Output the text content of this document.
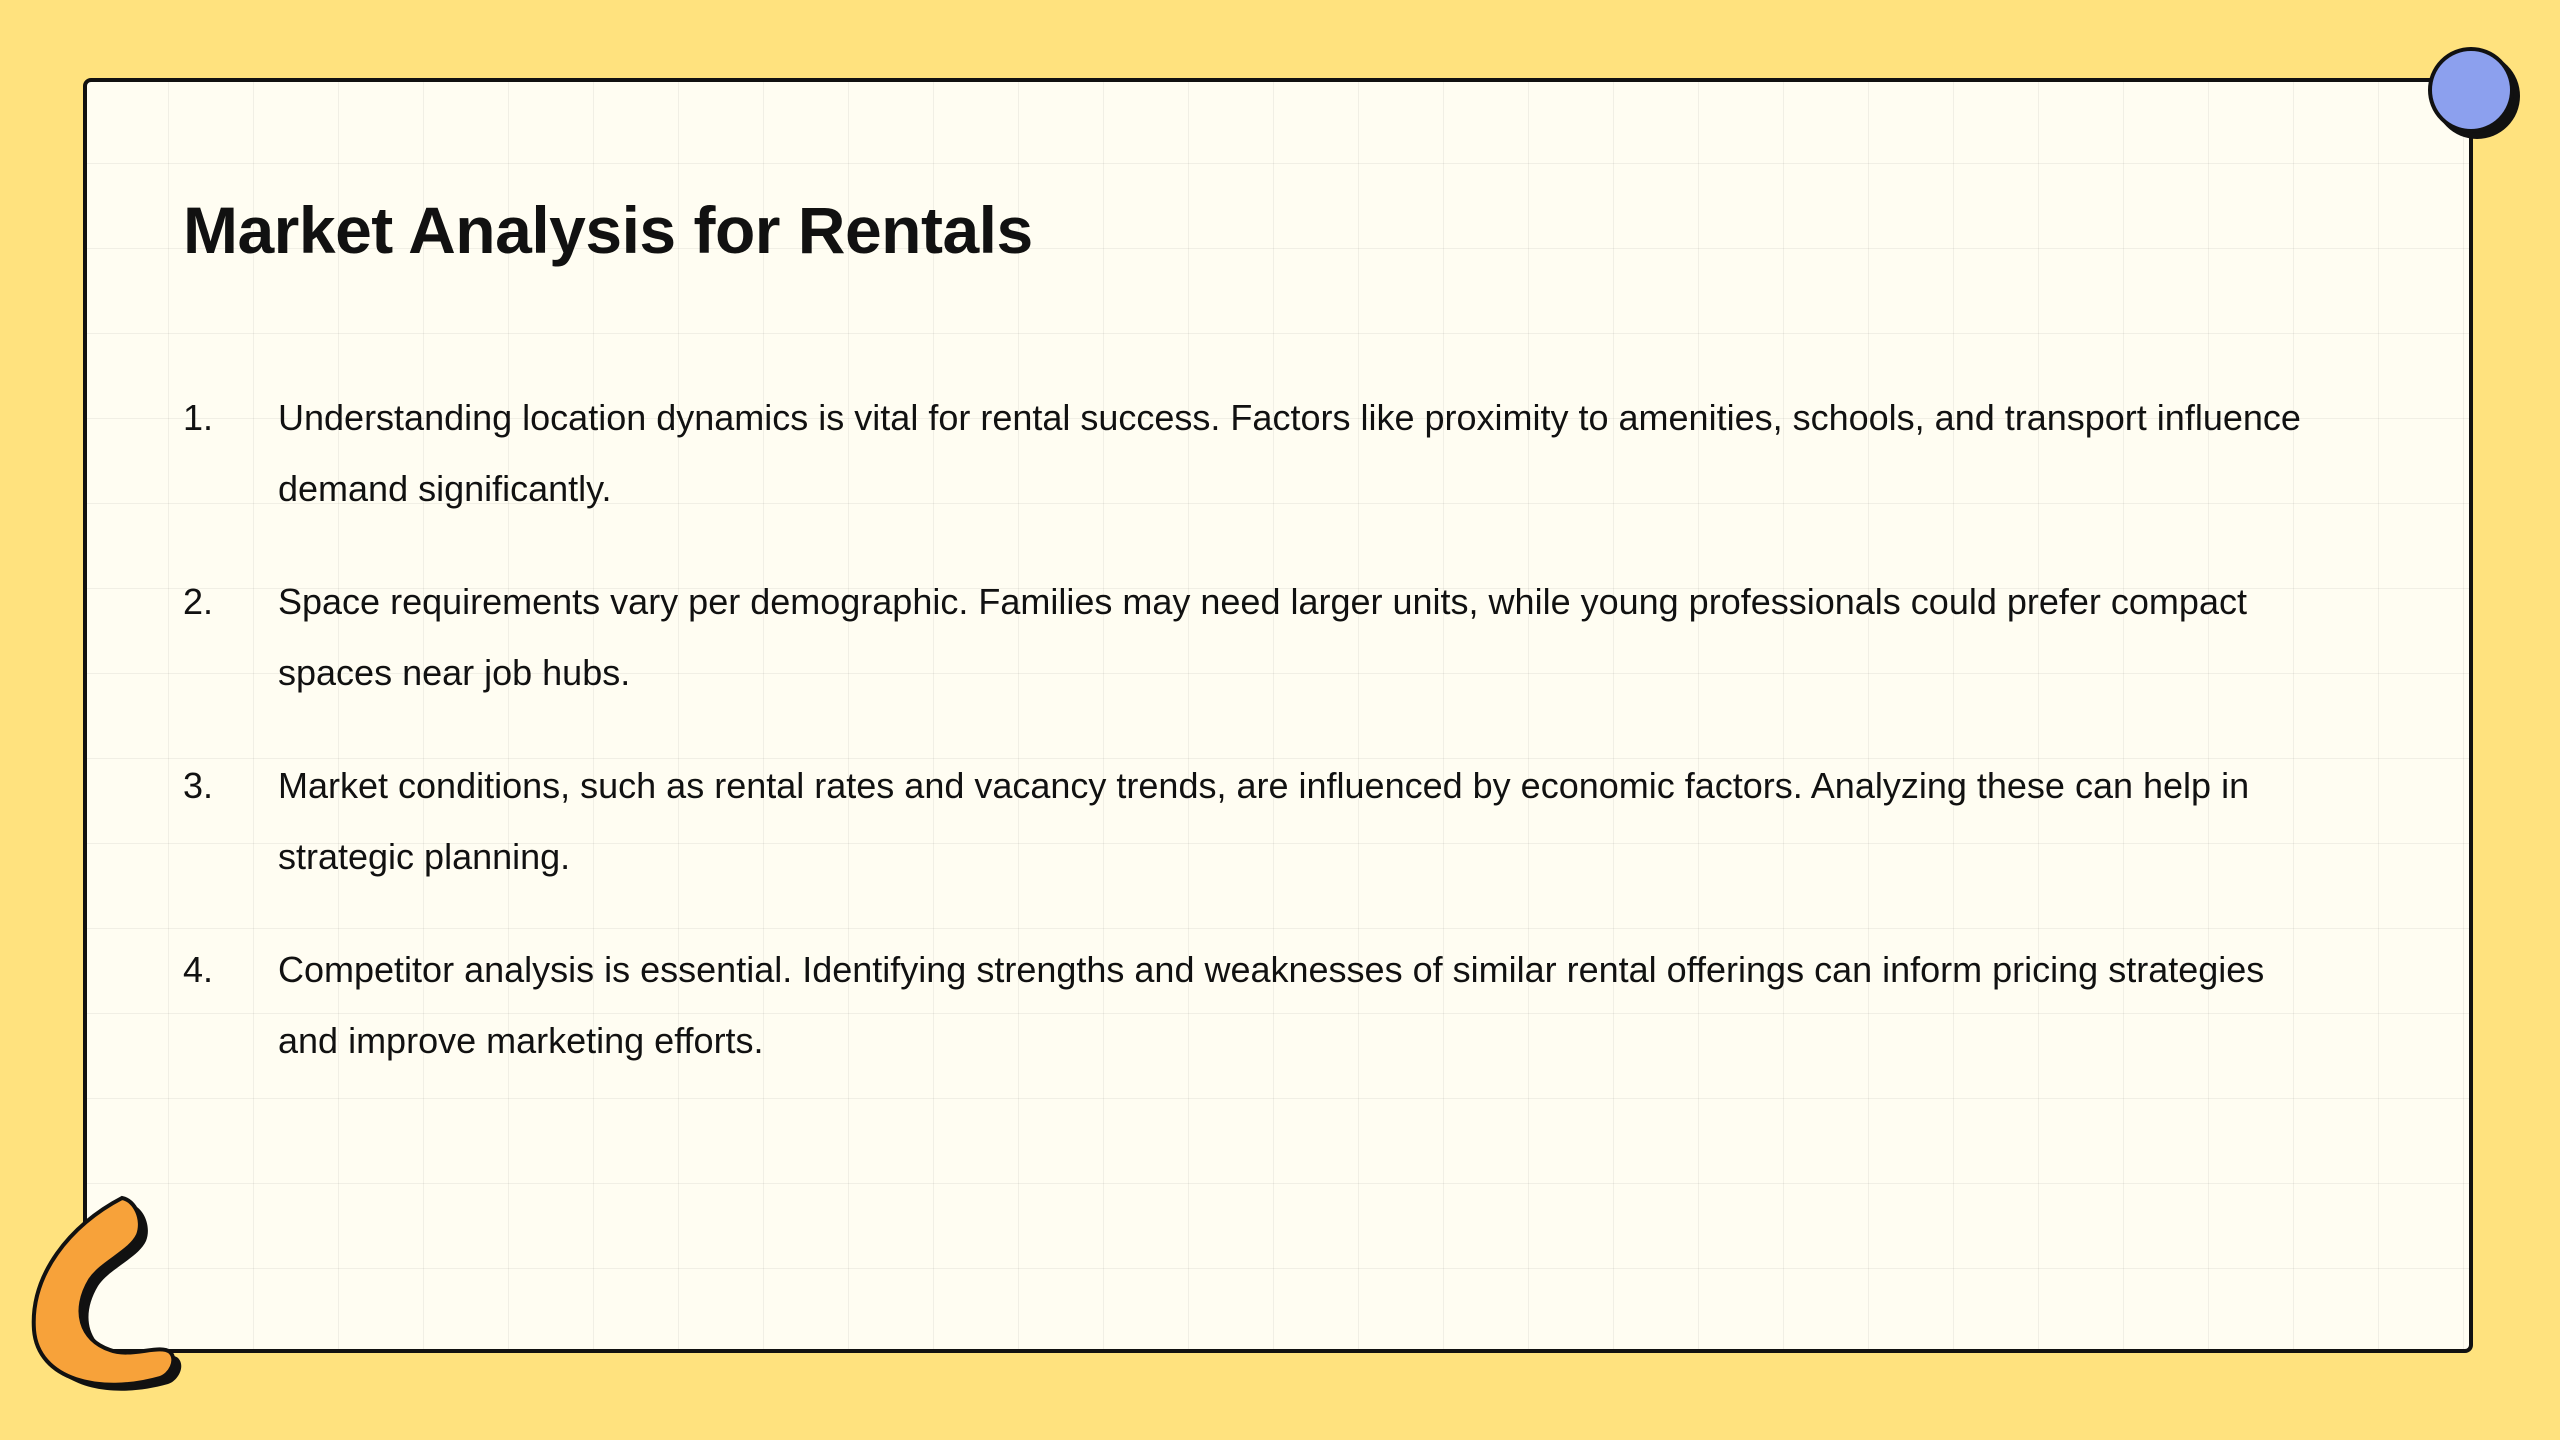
Market Analysis for Rentals
1.	Understanding location dynamics is vital for rental success. Factors like proximity to amenities, schools, and transport influence demand significantly.
2.	Space requirements vary per demographic. Families may need larger units, while young professionals could prefer compact spaces near job hubs.
3.	Market conditions, such as rental rates and vacancy trends, are influenced by economic factors. Analyzing these can help in strategic planning.
4.	Competitor analysis is essential. Identifying strengths and weaknesses of similar rental offerings can inform pricing strategies and improve marketing efforts.
